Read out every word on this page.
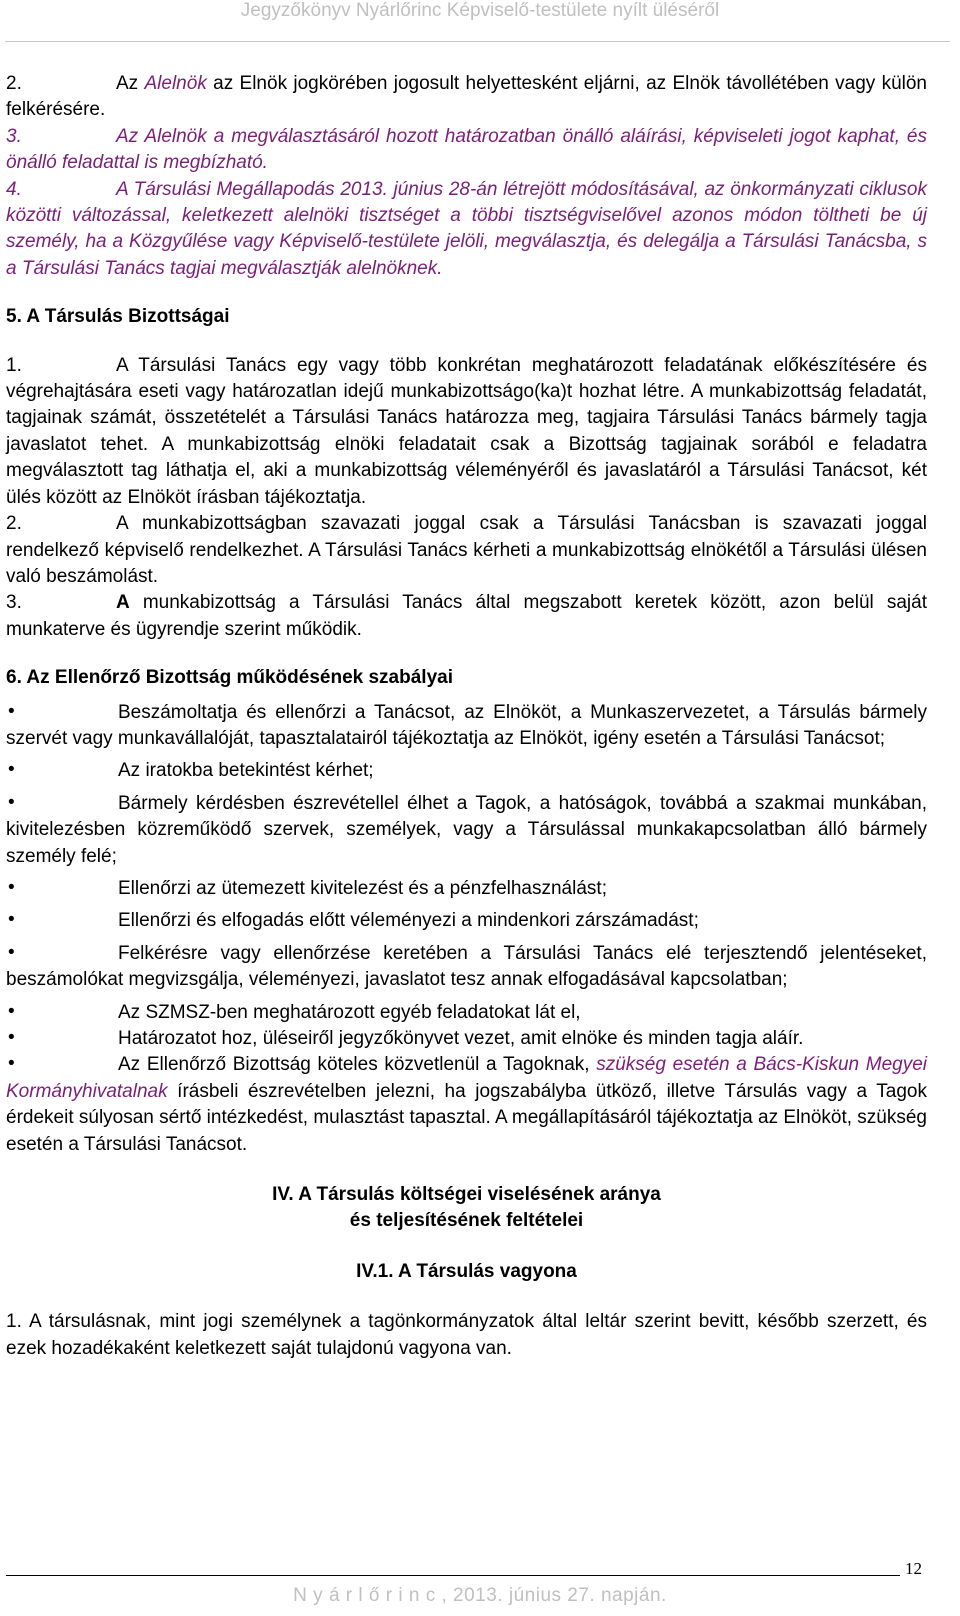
Jegyzőkönyv Nyárlőrinc Képviselő-testülete nyílt üléséről

2.	Az Alelnök az Elnök jogkörében jogosult helyettesként eljárni, az Elnök távollétében vagy külön felkérésére.

3.	Az Alelnök a megválasztásáról hozott határozatban önálló aláírási, képviseleti jogot kaphat, és önálló feladattal is megbízható.

4.	A Társulási Megállapodás 2013. június 28-án létrejött módosításával, az önkormányzati ciklusok közötti változással, keletkezett alelnöki tisztséget a többi tisztségviselővel azonos módon töltheti be új személy, ha a Közgyűlése vagy Képviselő-testülete jelöli, megválasztja, és delegálja a Társulási Tanácsba, s a Társulási Tanács tagjai megválasztják alelnöknek.

5. A Társulás Bizottságai

1.	A Társulási Tanács egy vagy több konkrétan meghatározott feladatának előkészítésére és végrehajtására eseti vagy határozatlan idejű munkabizottságo(ka)t hozhat létre. A munkabizottság feladatát, tagjainak számát, összetételét a Társulási Tanács határozza meg, tagjaira Társulási Tanács bármely tagja javaslatot tehet. A munkabizottság elnöki feladatait csak a Bizottság tagjainak sorából e feladatra megválasztott tag láthatja el, aki a munkabizottság véleményéről és javaslatáról a Társulási Tanácsot, két ülés között az Elnököt írásban tájékoztatja.

2.	A munkabizottságban szavazati joggal csak a Társulási Tanácsban is szavazati joggal rendelkező képviselő rendelkezhet. A Társulási Tanács kérheti a munkabizottság elnökétől a Társulási ülésen való beszámolást.

3.	A munkabizottság a Társulási Tanács által megszabott keretek között, azon belül saját munkaterve és ügyrendje szerint működik.

6. Az Ellenőrző Bizottság működésének szabályai

•	Beszámoltatja és ellenőrzi a Tanácsot, az Elnököt, a Munkaszervezetet, a Társulás bármely szervét vagy munkavállalóját, tapasztalatairól tájékoztatja az Elnököt, igény esetén a Társulási Tanácsot;

•	Az iratokba betekintést kérhet;

•	Bármely kérdésben észrevétellel élhet a Tagok, a hatóságok, továbbá a szakmai munkában, kivitelezésben közreműködő szervek, személyek, vagy a Társulással munkakapcsolatban álló bármely személy felé;

•	Ellenőrzi az ütemezett kivitelezést és a pénzfelhasználást;

•	Ellenőrzi és elfogadás előtt véleményezi a mindenkori zárszámadást;

•	Felkérésre vagy ellenőrzése keretében a Társulási Tanács elé terjesztendő jelentéseket, beszámolókat megvizsgálja, véleményezi, javaslatot tesz annak elfogadásával kapcsolatban;

•	Az SZMSZ-ben meghatározott egyéb feladatokat lát el,

•	Határozatot hoz, üléseiről jegyzőkönyvet vezet, amit elnöke és minden tagja aláír.

•	Az Ellenőrző Bizottság köteles közvetlenül a Tagoknak, szükség esetén a Bács-Kiskun Megyei Kormányhivatalnak írásbeli észrevételben jelezni, ha jogszabályba ütköző, illetve Társulás vagy a Tagok érdekeit súlyosan sértő intézkedést, mulasztást tapasztal. A megállapításáról tájékoztatja az Elnököt, szükség esetén a Társulási Tanácsot.

IV. A Társulás költségei viselésének aránya

és teljesítésének feltételei

IV.1. A Társulás vagyona

1. A társulásnak, mint jogi személynek a tagönkormányzatok által leltár szerint bevitt, később szerzett, és ezek hozadékaként keletkezett saját tulajdonú vagyona van.

12
N y á r l ő r i n c , 2013. június 27. napján.
